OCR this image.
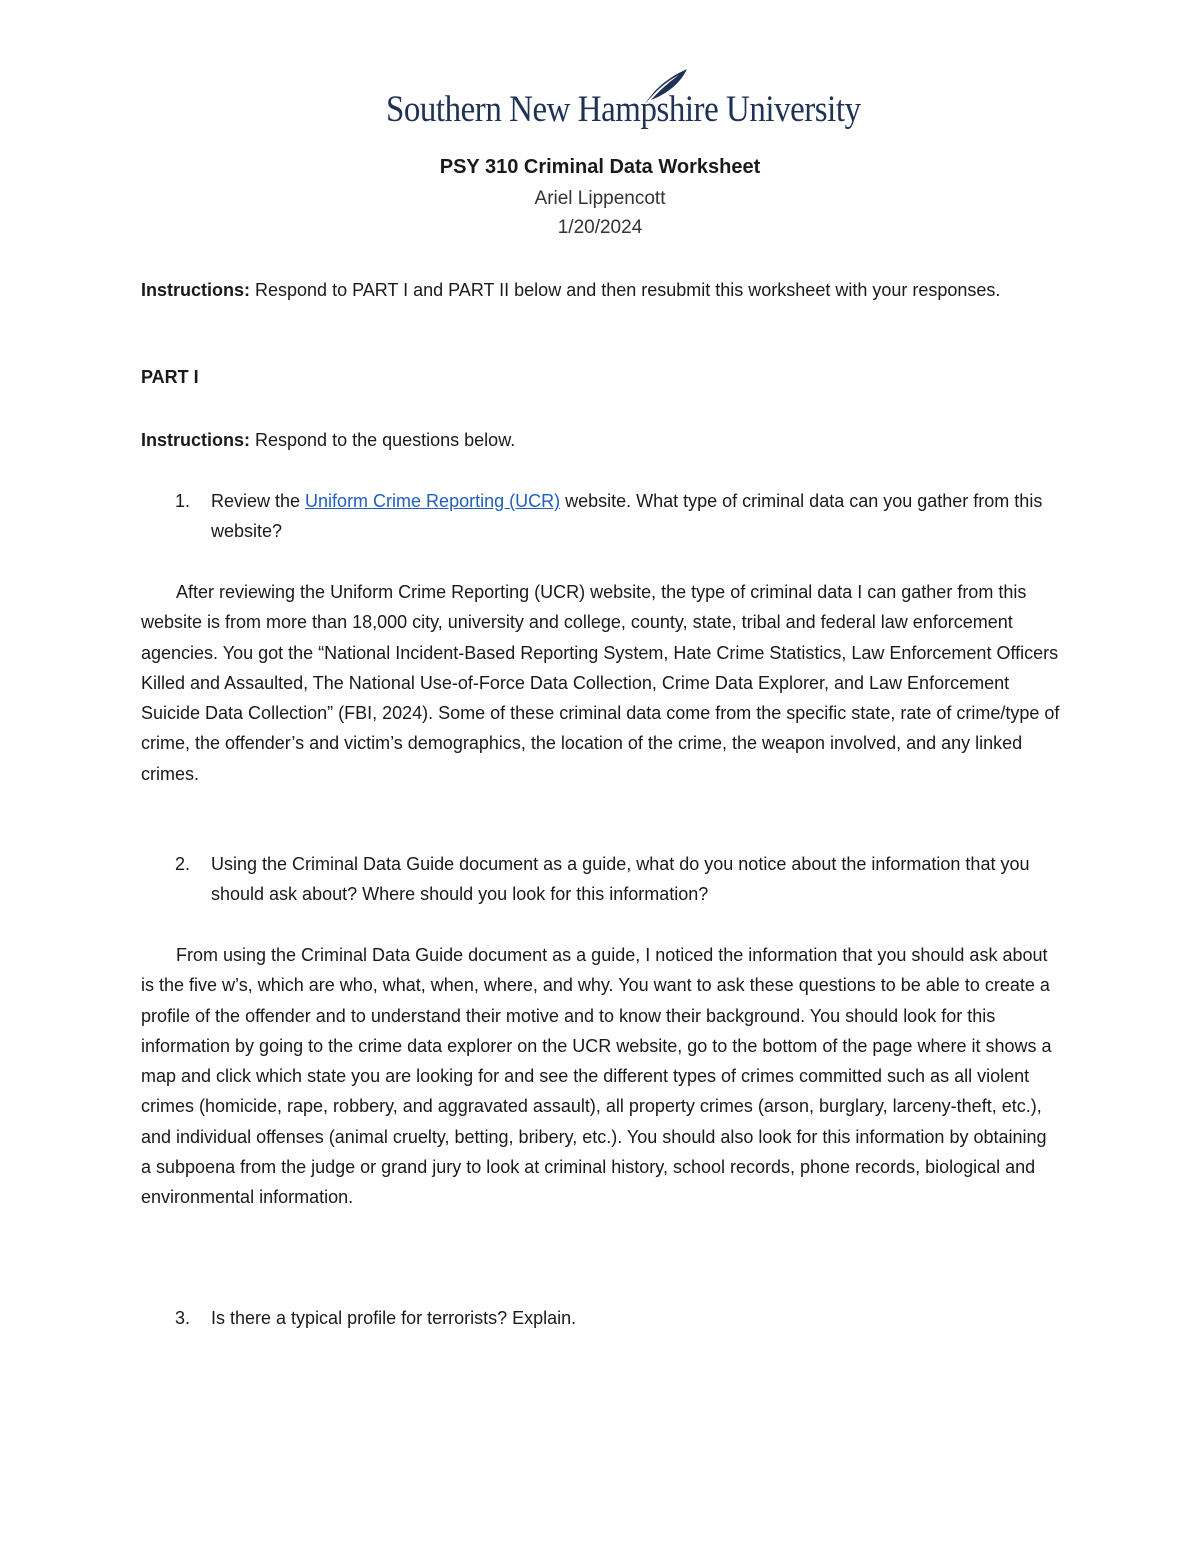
Southern New Hampshire University
PSY 310 Criminal Data Worksheet
Ariel Lippencott
1/20/2024

Instructions: Respond to PART I and PART II below and then resubmit this worksheet with your responses.

PART I

Instructions: Respond to the questions below.

1. Review the Uniform Crime Reporting (UCR) website. What type of criminal data can you gather from this website?

After reviewing the Uniform Crime Reporting (UCR) website, the type of criminal data I can gather from this website is from more than 18,000 city, university and college, county, state, tribal and federal law enforcement agencies. You got the “National Incident-Based Reporting System, Hate Crime Statistics, Law Enforcement Officers Killed and Assaulted, The National Use-of-Force Data Collection, Crime Data Explorer, and Law Enforcement Suicide Data Collection” (FBI, 2024). Some of these criminal data come from the specific state, rate of crime/type of crime, the offender’s and victim’s demographics, the location of the crime, the weapon involved, and any linked crimes.

2. Using the Criminal Data Guide document as a guide, what do you notice about the information that you should ask about? Where should you look for this information?

From using the Criminal Data Guide document as a guide, I noticed the information that you should ask about is the five w’s, which are who, what, when, where, and why. You want to ask these questions to be able to create a profile of the offender and to understand their motive and to know their background. You should look for this information by going to the crime data explorer on the UCR website, go to the bottom of the page where it shows a map and click which state you are looking for and see the different types of crimes committed such as all violent crimes (homicide, rape, robbery, and aggravated assault), all property crimes (arson, burglary, larceny-theft, etc.), and individual offenses (animal cruelty, betting, bribery, etc.). You should also look for this information by obtaining a subpoena from the judge or grand jury to look at criminal history, school records, phone records, biological and environmental information.

3. Is there a typical profile for terrorists? Explain.
